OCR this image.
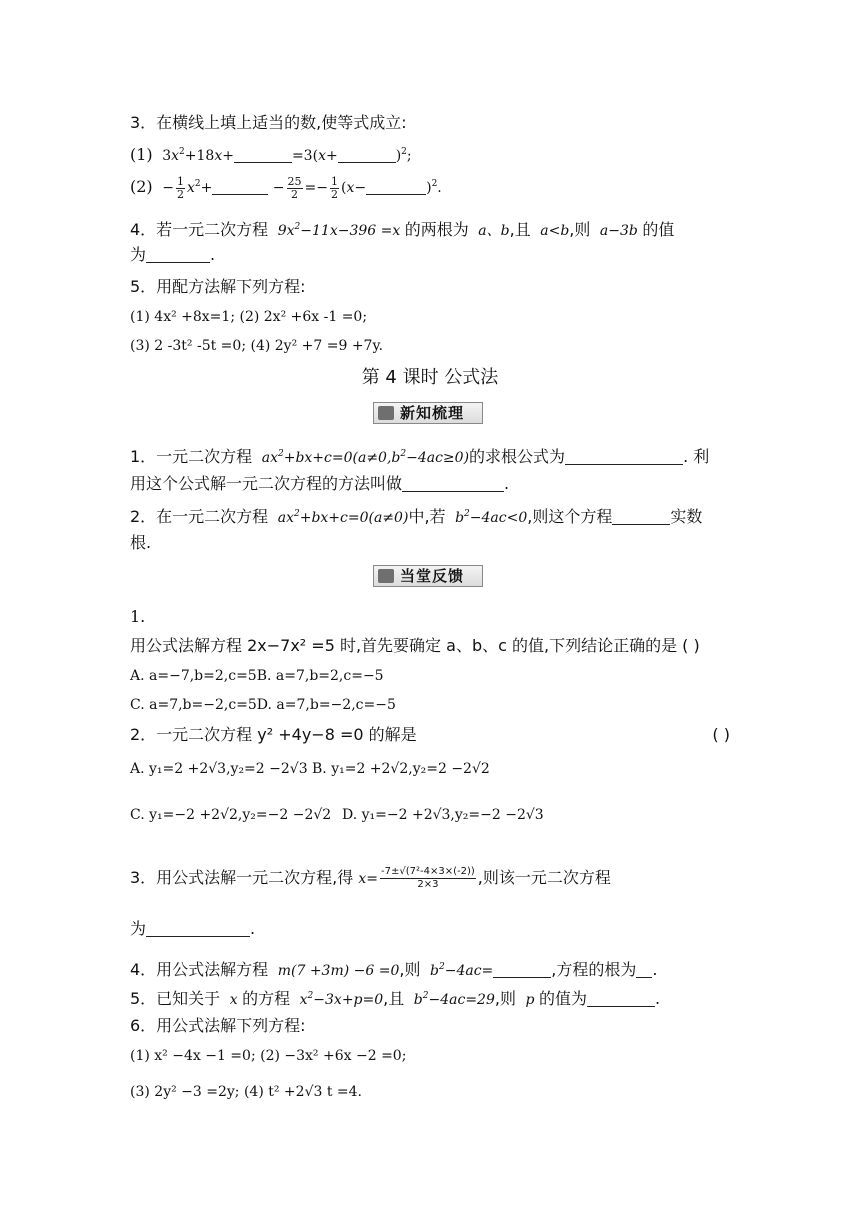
3．在横线上填上适当的数,使等式成立:
(1)  $3x^2+18x+$	=3(x+	)$^2$;
$(2) - \frac{1}{2} x^2+$	− $\frac{25}{2} =- \frac{1}{2} (x-$	)$^2$.
4．若一元二次方程  $9x^2-11x-396 =x$ 的两根为  a、b,且  a<b,则  a−3b 的值
为	.
5．用配方法解下列方程:
(1) 4x² +8x=1; (2) 2x² +6x -1 =0;
(3) 2 -3t² -5t =0; (4) 2y² +7 =9 +7y.
第 4 课时 公式法
新知梳理
1．一元二次方程  $ax^2+bx+c=0(a\ne 0,b^2-4ac\ge 0)$的求根公式为	. 利
用这个公式解一元二次方程的方法叫做	.
2．在一元二次方程  $ax^2+bx+c=0(a\ne 0)$中,若  $b^2-4ac<0$,则这个方程	实数
根.
当堂反馈
1.
用公式法解方程 2x−7x² =5 时,首先要确定 a、b、c 的值,下列结论正确的是 ( )
A. a=−7,b=2,c=5B. a=7,b=2,c=−5
C. a=7,b=−2,c=5D. a=7,b=−2,c=−5
2．一元二次方程 y² +4y−8 =0 的解是	( )
A. y₁=2 +2√3,y₂=2 −2√3 B. y₁=2 +2√2,y₂=2 −2√2
C. y₁=−2 +2√2,y₂=−2 −2√2 D. y₁=−2 +2√3,y₂=−2 −2√3
3．用公式法解一元二次方程,得 $x= \frac{\text{-7±√(7²-4×3×(-2))}}{2\times 3}$ ,则该一元二次方程
为	.
4．用公式法解方程  m(7 +3m) −6 =0,则  $b^2-4ac=$	,方程的根为 .
5．已知关于  x 的方程  $x^2-3x+p=0$,且  $b^2-4ac=29$,则  p 的值为	.
6．用公式法解下列方程:
(1) x² −4x −1 =0; (2) −3x² +6x −2 =0;
(3) 2y² −3 =2y; (4) t² +2√3 t =4.
